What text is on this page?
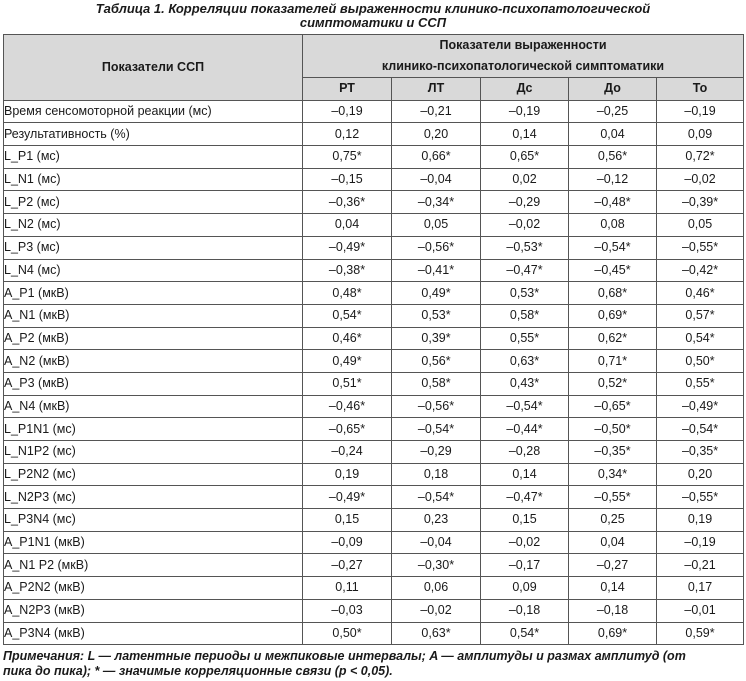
Таблица 1. Корреляции показателей выраженности клинико-психопатологической
симптоматики и ССП
Показатели ССП	Показатели выраженности
клинико-психопатологической симптоматики				

	РТ	ЛТ	Дс	До	То
Время сенсомоторной реакции (мс)	–0,19	–0,21	–0,19	–0,25	–0,19
Результативность (%)	0,12	0,20	0,14	0,04	0,09
L_P1 (мс)	0,75*	0,66*	0,65*	0,56*	0,72*
L_N1 (мс)	–0,15	–0,04	0,02	–0,12	–0,02
L_P2 (мс)	–0,36*	–0,34*	–0,29	–0,48*	–0,39*
L_N2 (мс)	0,04	0,05	–0,02	0,08	0,05
L_P3 (мс)	–0,49*	–0,56*	–0,53*	–0,54*	–0,55*
L_N4 (мс)	–0,38*	–0,41*	–0,47*	–0,45*	–0,42*
A_P1 (мкВ)	0,48*	0,49*	0,53*	0,68*	0,46*
A_N1 (мкВ)	0,54*	0,53*	0,58*	0,69*	0,57*
A_P2 (мкВ)	0,46*	0,39*	0,55*	0,62*	0,54*
A_N2 (мкВ)	0,49*	0,56*	0,63*	0,71*	0,50*
A_P3 (мкВ)	0,51*	0,58*	0,43*	0,52*	0,55*
A_N4 (мкВ)	–0,46*	–0,56*	–0,54*	–0,65*	–0,49*
L_P1N1 (мс)	–0,65*	–0,54*	–0,44*	–0,50*	–0,54*
L_N1P2 (мс)	–0,24	–0,29	–0,28	–0,35*	–0,35*
L_P2N2 (мс)	0,19	0,18	0,14	0,34*	0,20
L_N2P3 (мс)	–0,49*	–0,54*	–0,47*	–0,55*	–0,55*
L_P3N4 (мс)	0,15	0,23	0,15	0,25	0,19
A_P1N1 (мкВ)	–0,09	–0,04	–0,02	0,04	–0,19
A_N1 P2 (мкВ)	–0,27	–0,30*	–0,17	–0,27	–0,21
A_P2N2 (мкВ)	0,11	0,06	0,09	0,14	0,17
A_N2P3 (мкВ)	–0,03	–0,02	–0,18	–0,18	–0,01
A_P3N4 (мкВ)	0,50*	0,63*	0,54*	0,69*	0,59*
Примечания: L — латентные периоды и межпиковые интервалы; A — амплитуды и размах амплитуд (от
пика до пика); * — значимые корреляционные связи (р < 0,05).
